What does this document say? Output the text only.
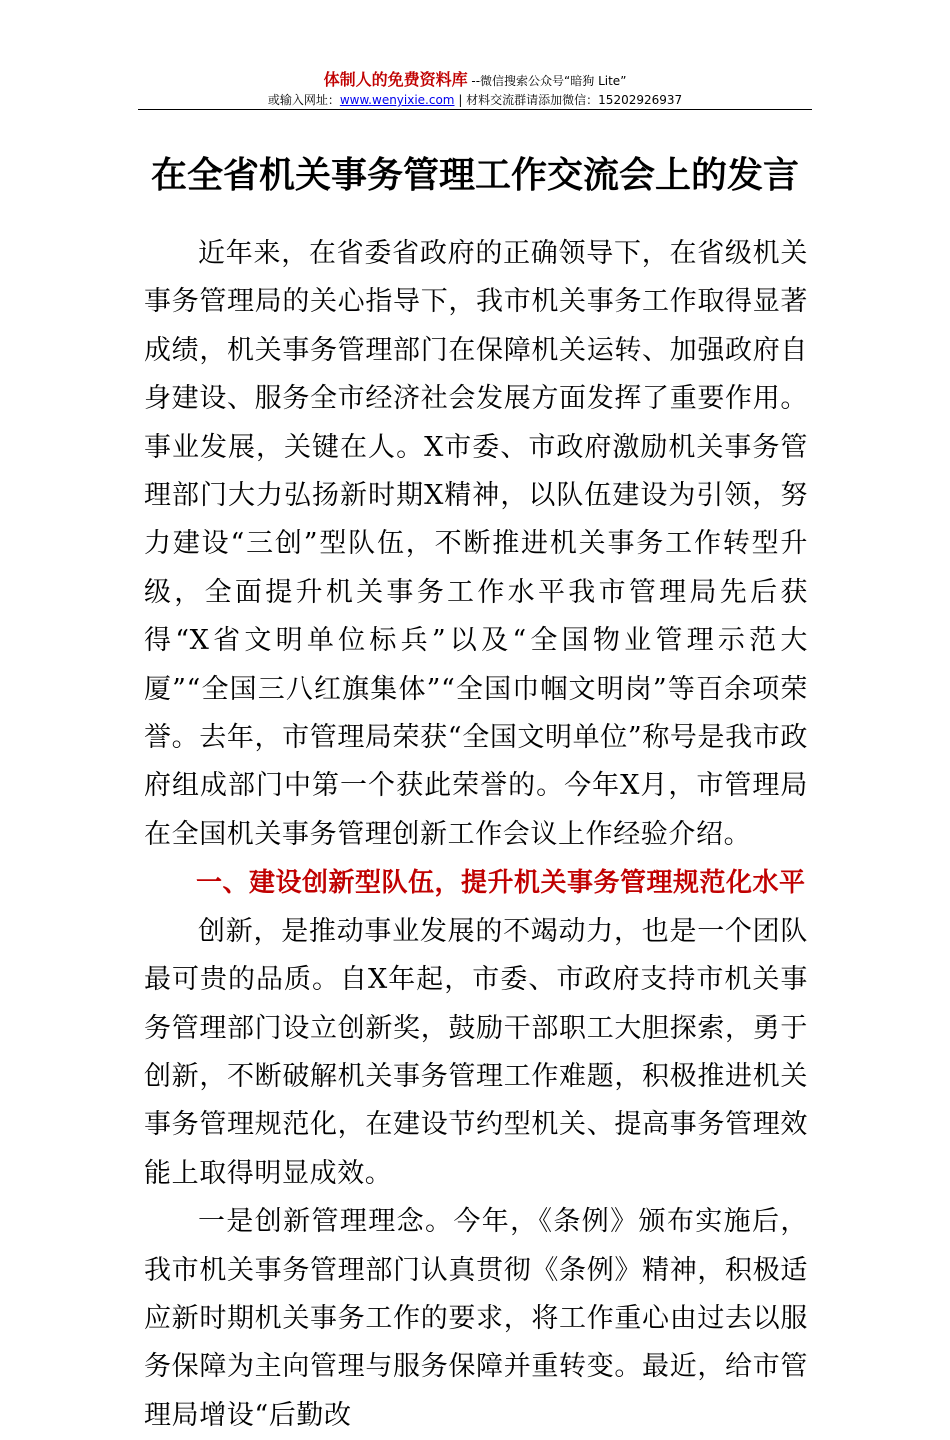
体制人的免费资料库 --微信搜索公众号“暗狗 Lite”
或输入网址：www.wenyixie.com | 材料交流群请添加微信：15202926937
在全省机关事务管理工作交流会上的发言

近年来，在省委省政府的正确领导下，在省级机关事务管理局的关心指导下，我市机关事务工作取得显著成绩，机关事务管理部门在保障机关运转、加强政府自身建设、服务全市经济社会发展方面发挥了重要作用。事业发展，关键在人。X市委、市政府激励机关事务管理部门大力弘扬新时期X精神，以队伍建设为引领，努力建设“三创”型队伍，不断推进机关事务工作转型升级，全面提升机关事务工作水平我市管理局先后获得“X省文明单位标兵”以及“全国物业管理示范大厦”“全国三八红旗集体”“全国巾帼文明岗”等百余项荣誉。去年，市管理局荣获“全国文明单位”称号是我市政府组成部门中第一个获此荣誉的。今年X月，市管理局在全国机关事务管理创新工作会议上作经验介绍。

一、建设创新型队伍，提升机关事务管理规范化水平

创新，是推动事业发展的不竭动力，也是一个团队最可贵的品质。自X年起，市委、市政府支持市机关事务管理部门设立创新奖，鼓励干部职工大胆探索，勇于创新，不断破解机关事务管理工作难题，积极推进机关事务管理规范化，在建设节约型机关、提高事务管理效能上取得明显成效。

一是创新管理理念。今年，《条例》颁布实施后，我市机关事务管理部门认真贯彻《条例》精神，积极适应新时期机关事务工作的要求，将工作重心由过去以服务保障为主向管理与服务保障并重转变。最近，给市管理局增设“后勤改
